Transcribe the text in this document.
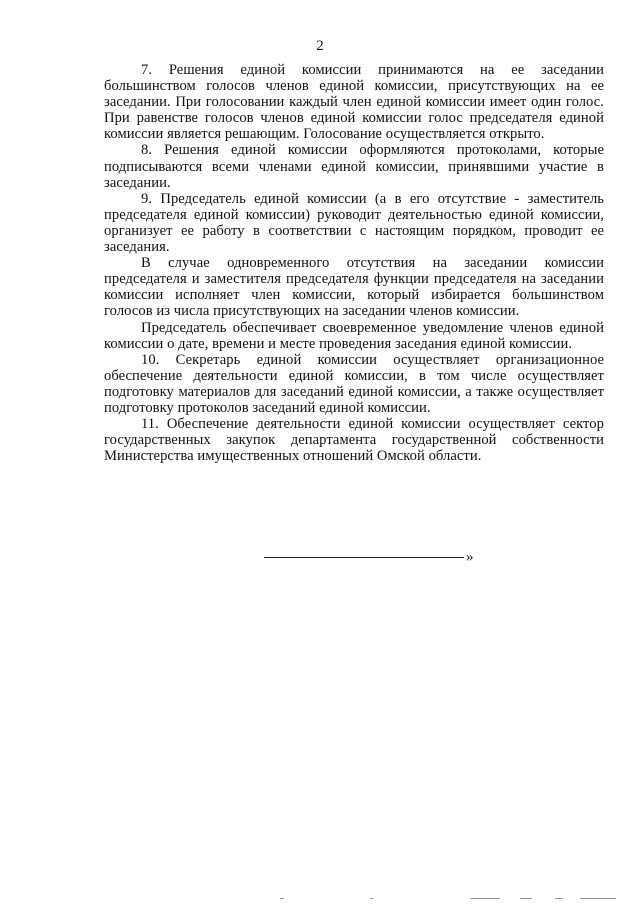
2

7. Решения единой комиссии принимаются на ее заседании большинством голосов членов единой комиссии, присутствующих на ее заседании. При голосовании каждый член единой комиссии имеет один голос. При равенстве голосов членов единой комиссии голос председателя единой комиссии является решающим. Голосование осуществляется открыто.

8. Решения единой комиссии оформляются протоколами, которые подписываются всеми членами единой комиссии, принявшими участие в заседании.

9. Председатель единой комиссии (а в его отсутствие - заместитель председателя единой комиссии) руководит деятельностью единой комиссии, организует ее работу в соответствии с настоящим порядком, проводит ее заседания.

В случае одновременного отсутствия на заседании комиссии председателя и заместителя председателя функции председателя на заседании комиссии исполняет член комиссии, который избирается большинством голосов из числа присутствующих на заседании членов комиссии.

Председатель обеспечивает своевременное уведомление членов единой комиссии о дате, времени и месте проведения заседания единой комиссии.

10. Секретарь единой комиссии осуществляет организационное обеспечение деятельности единой комиссии, в том числе осуществляет подготовку материалов для заседаний единой комиссии, а также осуществляет подготовку протоколов заседаний единой комиссии.

11. Обеспечение деятельности единой комиссии осуществляет сектор государственных закупок департамента государственной собственности Министерства имущественных отношений Омской области.

»
